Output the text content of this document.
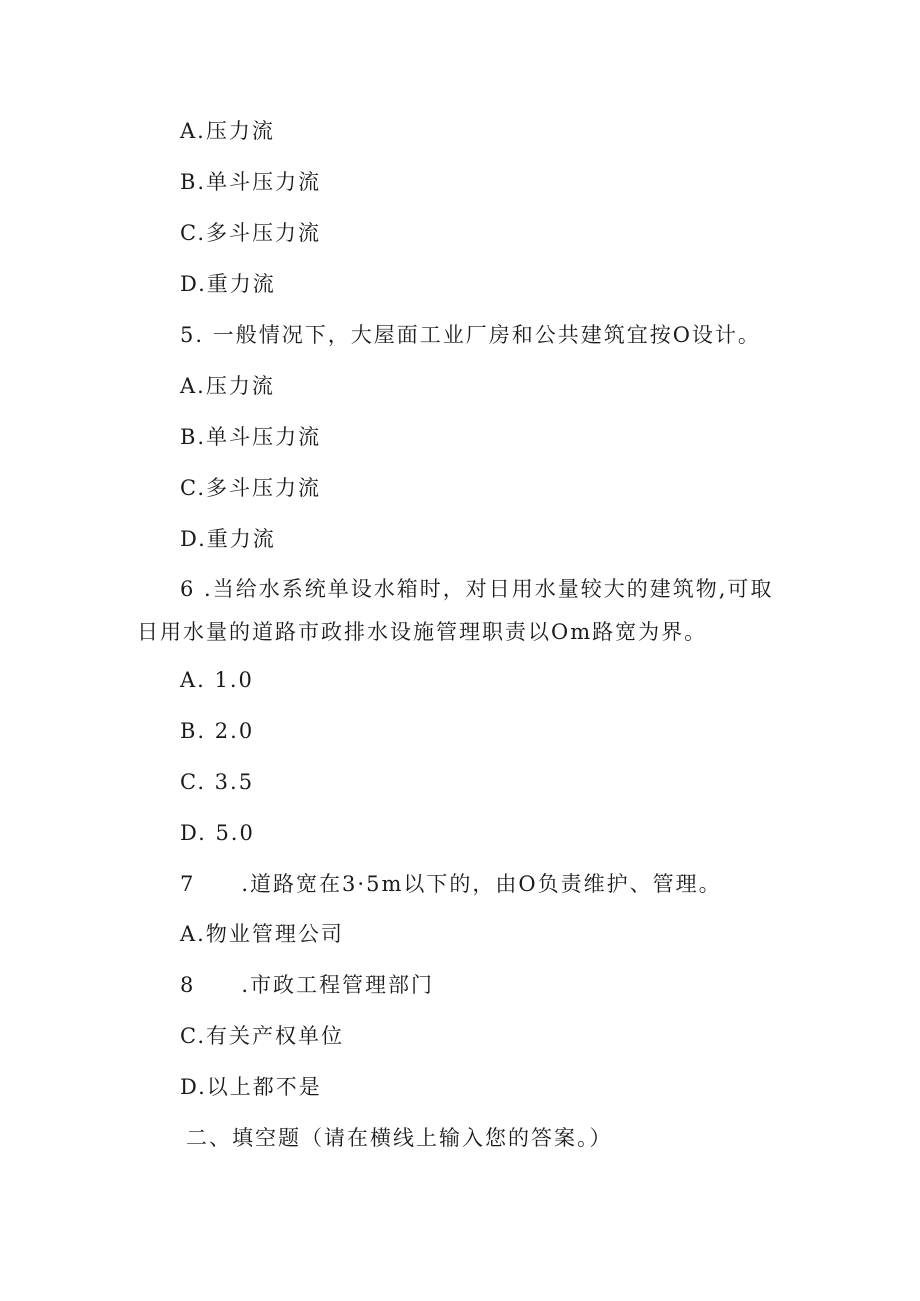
A.压力流
B.单斗压力流
C.多斗压力流
D.重力流
5. 一般情况下，大屋面工业厂房和公共建筑宜按O设计。
A.压力流
B.单斗压力流
C.多斗压力流
D.重力流
6 .当给水系统单设水箱时，对日用水量较大的建筑物,可取
日用水量的道路市政排水设施管理职责以Om路宽为界。
A. 1.0
B. 2.0
C. 3.5
D. 5.0
7 .道路宽在3·5m以下的，由O负责维护、管理。
A.物业管理公司
8 .市政工程管理部门
C.有关产权单位
D.以上都不是
二、填空题（请在横线上输入您的答案。）
